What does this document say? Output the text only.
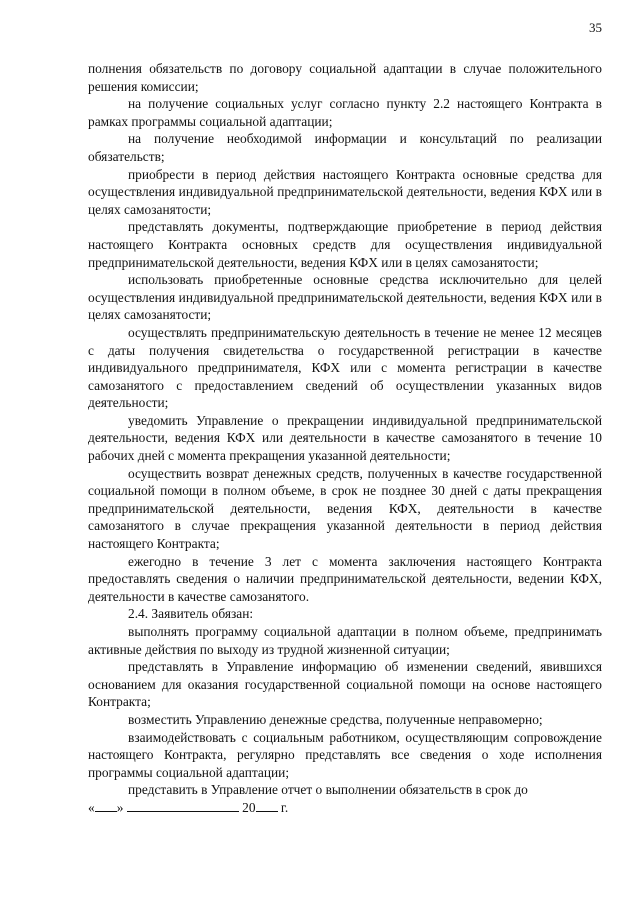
35

полнения обязательств по договору социальной адаптации в случае положительного решения комиссии;

на получение социальных услуг согласно пункту 2.2 настоящего Контракта в рамках программы социальной адаптации;

на получение необходимой информации и консультаций по реализации обязательств;

приобрести в период действия настоящего Контракта основные средства для осуществления индивидуальной предпринимательской деятельности, ведения КФХ или в целях самозанятости;

представлять документы, подтверждающие приобретение в период действия настоящего Контракта основных средств для осуществления индивидуальной предпринимательской деятельности, ведения КФХ или в целях самозанятости;

использовать приобретенные основные средства исключительно для целей осуществления индивидуальной предпринимательской деятельности, ведения КФХ или в целях самозанятости;

осуществлять предпринимательскую деятельность в течение не менее 12 месяцев с даты получения свидетельства о государственной регистрации в качестве индивидуального предпринимателя, КФХ или с момента регистрации в качестве самозанятого с предоставлением сведений об осуществлении указанных видов деятельности;

уведомить Управление о прекращении индивидуальной предпринимательской деятельности, ведения КФХ или деятельности в качестве самозанятого в течение 10 рабочих дней с момента прекращения указанной деятельности;

осуществить возврат денежных средств, полученных в качестве государственной социальной помощи в полном объеме, в срок не позднее 30 дней с даты прекращения предпринимательской деятельности, ведения КФХ, деятельности в качестве самозанятого в случае прекращения указанной деятельности в период действия настоящего Контракта;

ежегодно в течение 3 лет с момента заключения настоящего Контракта предоставлять сведения о наличии предпринимательской деятельности, ведении КФХ, деятельности в качестве самозанятого.

2.4. Заявитель обязан:

выполнять программу социальной адаптации в полном объеме, предпринимать активные действия по выходу из трудной жизненной ситуации;

представлять в Управление информацию об изменении сведений, явившихся основанием для оказания государственной социальной помощи на основе настоящего Контракта;

возместить Управлению денежные средства, полученные неправомерно;

взаимодействовать с социальным работником, осуществляющим сопровождение настоящего Контракта, регулярно представлять все сведения о ходе исполнения программы социальной адаптации;

представить в Управление отчет о выполнении обязательств в срок до

« »	20 г.
